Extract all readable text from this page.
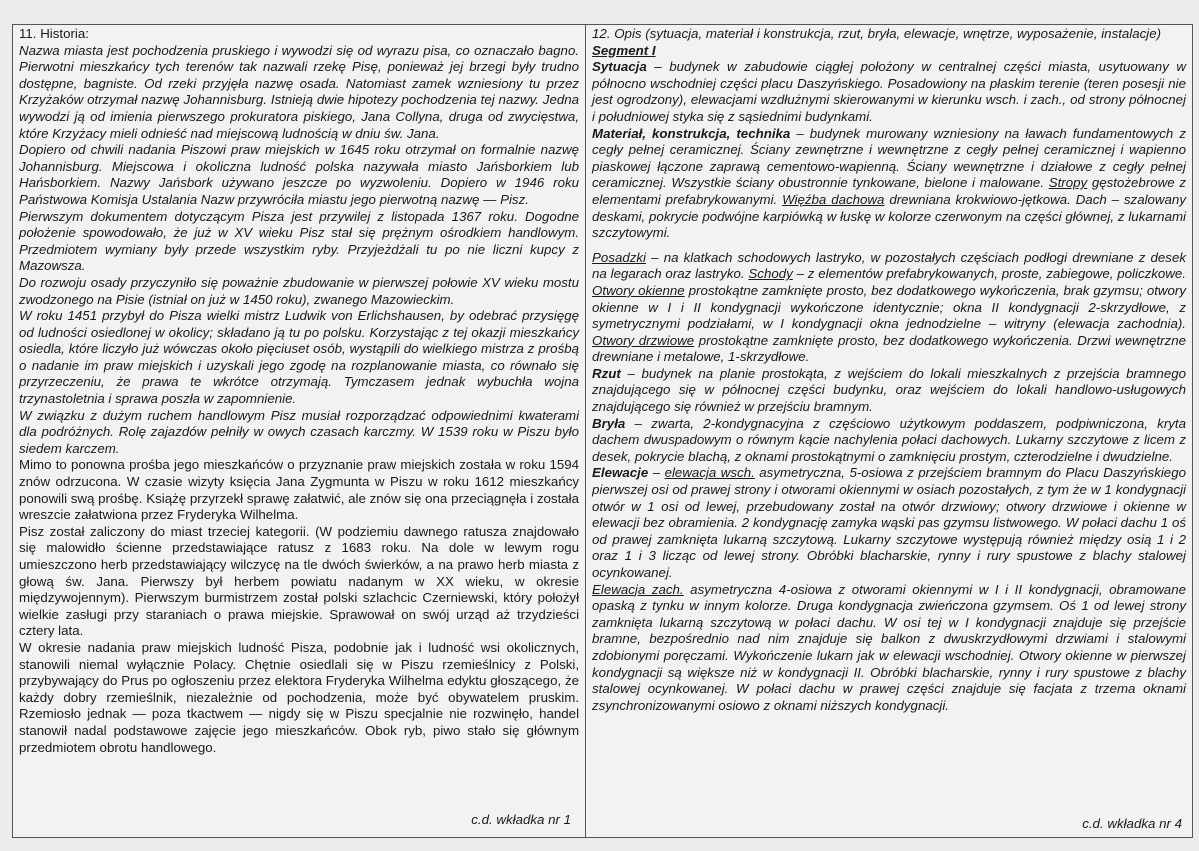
11. Historia:

Nazwa miasta jest pochodzenia pruskiego i wywodzi się od wyrazu pisa, co oznaczało bagno. Pierwotni mieszkańcy tych terenów tak nazwali rzekę Pisę, ponieważ jej brzegi były trudno dostępne, bagniste. Od rzeki przyjęła nazwę osada. Natomiast zamek wzniesiony tu przez Krzyżaków otrzymał nazwę Johannisburg. Istnieją dwie hipotezy pochodzenia tej nazwy. Jedna wywodzi ją od imienia pierwszego prokuratora piskiego, Jana Collyna, druga od zwycięstwa, które Krzyżacy mieli odnieść nad miejscową ludnością w dniu św. Jana.

Dopiero od chwili nadania Piszowi praw miejskich w 1645 roku otrzymał on formalnie nazwę Johannisburg. Miejscowa i okoliczna ludność polska nazywała miasto Jańsborkiem lub Hańsborkiem. Nazwy Jańsbork używano jeszcze po wyzwoleniu. Dopiero w 1946 roku Państwowa Komisja Ustalania Nazw przywróciła miastu jego pierwotną nazwę — Pisz.

Pierwszym dokumentem dotyczącym Pisza jest przywilej z listopada 1367 roku. Dogodne położenie spowodowało, że już w XV wieku Pisz stał się prężnym ośrodkiem handlowym. Przedmiotem wymiany były przede wszystkim ryby. Przyjeżdżali tu po nie liczni kupcy z Mazowsza.

Do rozwoju osady przyczyniło się poważnie zbudowanie w pierwszej połowie XV wieku mostu zwodzonego na Pisie (istniał on już w 1450 roku), zwanego Mazowieckim.

W roku 1451 przybył do Pisza wielki mistrz Ludwik von Erlichshausen, by odebrać przysięgę od ludności osiedlonej w okolicy; składano ją tu po polsku. Korzystając z tej okazji mieszkańcy osiedla, które liczyło już wówczas około pięciuset osób, wystąpili do wielkiego mistrza z prośbą o nadanie im praw miejskich i uzyskali jego zgodę na rozplanowanie miasta, co równało się przyrzeczeniu, że prawa te wkrótce otrzymają. Tymczasem jednak wybuchła wojna trzynastoletnia i sprawa poszła w zapomnienie.

W związku z dużym ruchem handlowym Pisz musiał rozporządzać odpowiednimi kwaterami dla podróżnych. Rolę zajazdów pełniły w owych czasach karczmy. W 1539 roku w Piszu było siedem karczem.

Mimo to ponowna prośba jego mieszkańców o przyznanie praw miejskich została w roku 1594 znów odrzucona. W czasie wizyty księcia Jana Zygmunta w Piszu w roku 1612 mieszkańcy ponowili swą prośbę. Książę przyrzekł sprawę załatwić, ale znów się ona przeciągnęła i została wreszcie załatwiona przez Fryderyka Wilhelma.

Pisz został zaliczony do miast trzeciej kategorii. (W podziemiu dawnego ratusza znajdowało się malowidło ścienne przedstawiające ratusz z 1683 roku. Na dole w lewym rogu umieszczono herb przedstawiający wilczycę na tle dwóch świerków, a na prawo herb miasta z głową św. Jana. Pierwszy był herbem powiatu nadanym w XX wieku, w okresie międzywojennym). Pierwszym burmistrzem został polski szlachcic Czerniewski, który położył wielkie zasługi przy staraniach o prawa miejskie. Sprawował on swój urząd aż trzydzieści cztery lata.

W okresie nadania praw miejskich ludność Pisza, podobnie jak i ludność wsi okolicznych, stanowili niemal wyłącznie Polacy. Chętnie osiedlali się w Piszu rzemieślnicy z Polski, przybywający do Prus po ogłoszeniu przez elektora Fryderyka Wilhelma edyktu głoszącego, że każdy dobry rzemieślnik, niezależnie od pochodzenia, może być obywatelem pruskim. Rzemiosło jednak — poza tkactwem — nigdy się w Piszu specjalnie nie rozwinęło, handel stanowił nadal podstawowe zajęcie jego mieszkańców. Obok ryb, piwo stało się głównym przedmiotem obrotu handlowego.

c.d. wkładka nr 1

12. Opis (sytuacja, materiał i konstrukcja, rzut, bryła, elewacje, wnętrze, wyposażenie, instalacje)

Segment I

Sytuacja – budynek w zabudowie ciągłej położony w centralnej części miasta, usytuowany w północno wschodniej części placu Daszyńskiego. Posadowiony na płaskim terenie (teren posesji nie jest ogrodzony), elewacjami wzdłużnymi skierowanymi w kierunku wsch. i zach., od strony północnej i południowej styka się z sąsiednimi budynkami.

Materiał, konstrukcja, technika – budynek murowany wzniesiony na ławach fundamentowych z cegły pełnej ceramicznej. Ściany zewnętrzne i wewnętrzne z cegły pełnej ceramicznej i wapienno piaskowej łączone zaprawą cementowo-wapienną. Ściany wewnętrzne i działowe z cegły pełnej ceramicznej. Wszystkie ściany obustronnie tynkowane, bielone i malowane. Stropy gęstożebrowe z elementami prefabrykowanymi. Więźba dachowa drewniana krokwiowo-jętkowa. Dach – szalowany deskami, pokrycie podwójne karpiówką w łuskę w kolorze czerwonym na części głównej, z lukarnami szczytowymi.

Posadzki – na klatkach schodowych lastryko, w pozostałych częściach podłogi drewniane z desek na legarach oraz lastryko. Schody – z elementów prefabrykowanych, proste, zabiegowe, policzkowe. Otwory okienne prostokątne zamknięte prosto, bez dodatkowego wykończenia, brak gzymsu; otwory okienne w I i II kondygnacji wykończone identycznie; okna II kondygnacji 2-skrzydłowe, z symetrycznymi podziałami, w I kondygnacji okna jednodzielne – witryny (elewacja zachodnia). Otwory drzwiowe prostokątne zamknięte prosto, bez dodatkowego wykończenia. Drzwi wewnętrzne drewniane i metalowe, 1-skrzydłowe.

Rzut – budynek na planie prostokąta, z wejściem do lokali mieszkalnych z przejścia bramnego znajdującego się w północnej części budynku, oraz wejściem do lokali handlowo-usługowych znajdującego się również w przejściu bramnym.

Bryła – zwarta, 2-kondygnacyjna z częściowo użytkowym poddaszem, podpiwniczona, kryta dachem dwuspadowym o równym kącie nachylenia połaci dachowych. Lukarny szczytowe z licem z desek, pokrycie blachą, z oknami prostokątnymi o zamknięciu prostym, czterodzielne i dwudzielne.

Elewacje – elewacja wsch. asymetryczna, 5-osiowa z przejściem bramnym do Placu Daszyńskiego pierwszej osi od prawej strony i otworami okiennymi w osiach pozostałych, z tym że w 1 kondygnacji otwór w 1 osi od lewej, przebudowany został na otwór drzwiowy; otwory drzwiowe i okienne w elewacji bez obramienia. 2 kondygnację zamyka wąski pas gzymsu listwowego. W połaci dachu 1 oś od prawej zamknięta lukarną szczytową. Lukarny szczytowe występują również między osią 1 i 2 oraz 1 i 3 licząc od lewej strony. Obróbki blacharskie, rynny i rury spustowe z blachy stalowej ocynkowanej.

Elewacja zach. asymetryczna 4-osiowa z otworami okiennymi w I i II kondygnacji, obramowane opaską z tynku w innym kolorze. Druga kondygnacja zwieńczona gzymsem. Oś 1 od lewej strony zamknięta lukarną szczytową w połaci dachu. W osi tej w I kondygnacji znajduje się przejście bramne, bezpośrednio nad nim znajduje się balkon z dwuskrzydłowymi drzwiami i stalowymi zdobionymi poręczami. Wykończenie lukarn jak w elewacji wschodniej. Otwory okienne w pierwszej kondygnacji są większe niż w kondygnacji II. Obróbki blacharskie, rynny i rury spustowe z blachy stalowej ocynkowanej. W połaci dachu w prawej części znajduje się facjata z trzema oknami zsynchronizowanymi osiowo z oknami niższych kondygnacji.

c.d. wkładka nr 4
